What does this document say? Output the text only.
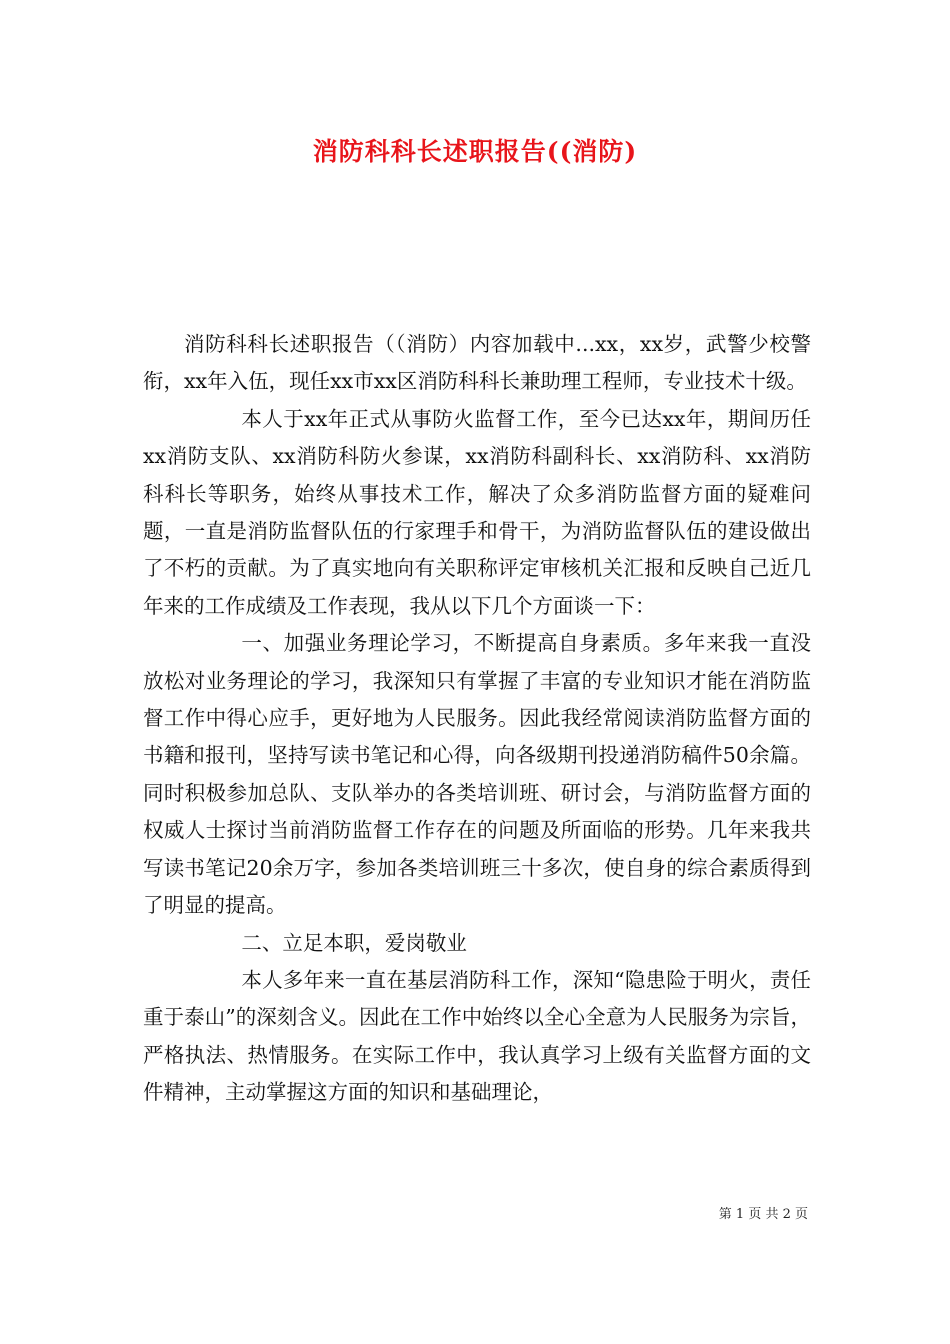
消防科科长述职报告((消防)

消防科科长述职报告（（消防）内容加载中...xx，xx岁，武警少校警衔，xx年入伍，现任xx市xx区消防科科长兼助理工程师，专业技术十级。

本人于xx年正式从事防火监督工作，至今已达xx年，期间历任xx消防支队、xx消防科防火参谋，xx消防科副科长、xx消防科、xx消防科科长等职务，始终从事技术工作，解决了众多消防监督方面的疑难问题，一直是消防监督队伍的行家理手和骨干，为消防监督队伍的建设做出了不朽的贡献。为了真实地向有关职称评定审核机关汇报和反映自己近几年来的工作成绩及工作表现，我从以下几个方面谈一下：

一、加强业务理论学习，不断提高自身素质。多年来我一直没放松对业务理论的学习，我深知只有掌握了丰富的专业知识才能在消防监督工作中得心应手，更好地为人民服务。因此我经常阅读消防监督方面的书籍和报刊，坚持写读书笔记和心得，向各级期刊投递消防稿件50余篇。同时积极参加总队、支队举办的各类培训班、研讨会，与消防监督方面的权威人士探讨当前消防监督工作存在的问题及所面临的形势。几年来我共写读书笔记20余万字，参加各类培训班三十多次，使自身的综合素质得到了明显的提高。

二、立足本职，爱岗敬业

本人多年来一直在基层消防科工作，深知“隐患险于明火，责任重于泰山”的深刻含义。因此在工作中始终以全心全意为人民服务为宗旨，严格执法、热情服务。在实际工作中，我认真学习上级有关监督方面的文件精神，主动掌握这方面的知识和基础理论，

第 1 页 共 2 页
